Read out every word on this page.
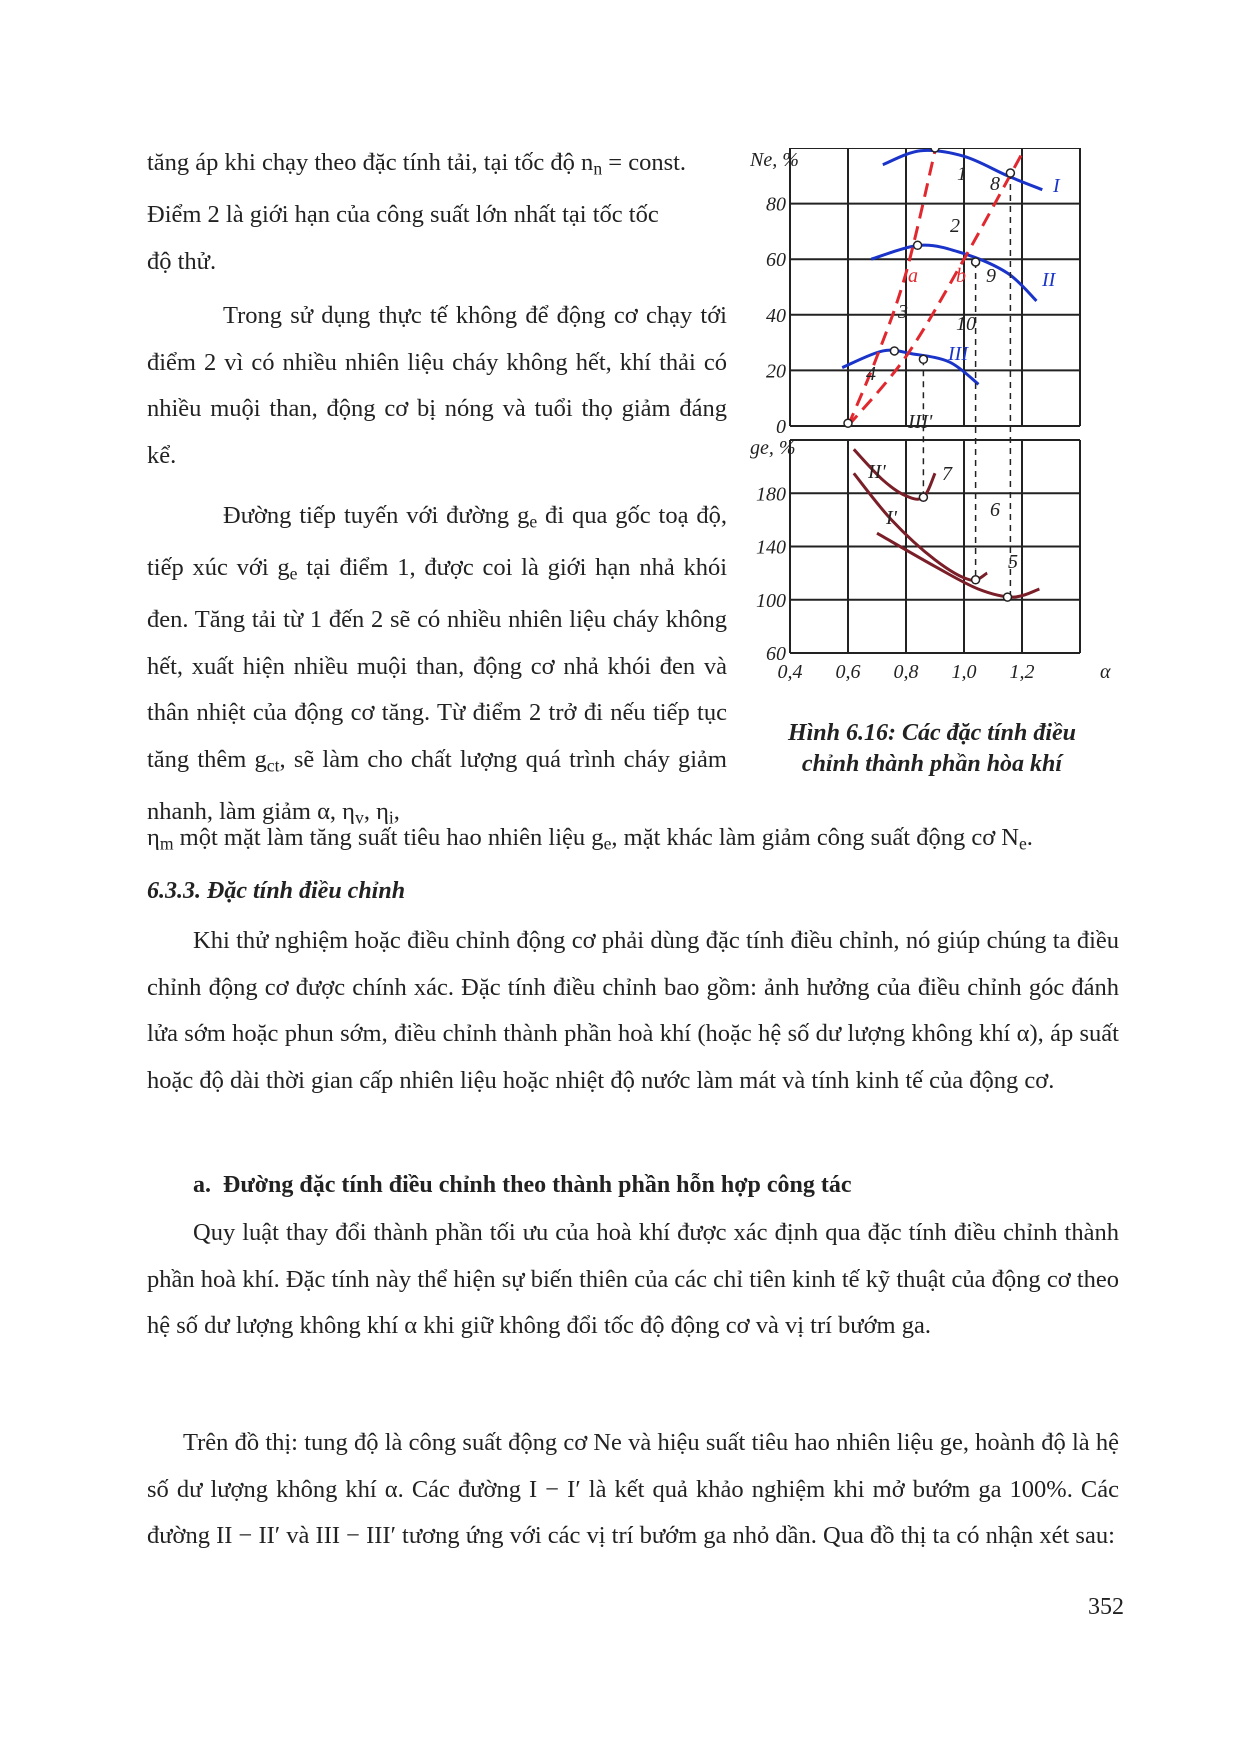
tăng áp khi chạy theo đặc tính tải, tại tốc độ $n_n$ = const.
Điểm 2 là giới hạn của công suất lớn nhất tại tốc tốc
độ thử.

Trong sử dụng thực tế không để động cơ chạy tới điểm 2 vì có nhiều nhiên liệu cháy không hết, khí thải có nhiều muội than, động cơ bị nóng và tuổi thọ giảm đáng kể.

Đường tiếp tuyến với đường $g_e$ đi qua gốc toạ độ, tiếp xúc với $g_e$ tại điểm 1, được coi là giới hạn nhả khói đen. Tăng tải từ 1 đến 2 sẽ có nhiều nhiên liệu cháy không hết, xuất hiện nhiều muội than, động cơ nhả khói đen và thân nhiệt của động cơ tăng. Từ điểm 2 trở đi nếu tiếp tục tăng thêm $g_{ct}$, sẽ làm cho chất lượng quá trình cháy giảm nhanh, làm giảm α, $\eta_v$, $\eta_i$,

$\eta_m$ một mặt làm tăng suất tiêu hao nhiên liệu $g_e$, mặt khác làm giảm công suất động cơ $N_e$.
6.3.3. Đặc tính điều chỉnh

Khi thử nghiệm hoặc điều chỉnh động cơ phải dùng đặc tính điều chỉnh, nó giúp chúng ta điều chỉnh động cơ được chính xác. Đặc tính điều chỉnh bao gồm: ảnh hưởng của điều chỉnh góc đánh lửa sớm hoặc phun sớm, điều chỉnh thành phần hoà khí (hoặc hệ số dư lượng không khí α), áp suất hoặc độ dài thời gian cấp nhiên liệu hoặc nhiệt độ nước làm mát và tính kinh tế của động cơ.

a.  Đường đặc tính điều chỉnh theo thành phần hỗn hợp công tác

Quy luật thay đổi thành phần tối ưu của hoà khí được xác định qua đặc tính điều chỉnh thành phần hoà khí. Đặc tính này thể hiện sự biến thiên của các chỉ tiên kinh tế kỹ thuật của động cơ theo hệ số dư lượng không khí α khi giữ không đổi tốc độ động cơ và vị trí bướm ga.

Trên đồ thị: tung độ là công suất động cơ Ne và hiệu suất tiêu hao nhiên liệu ge, hoành độ là hệ số dư lượng không khí α. Các đường I − I′ là kết quả khảo nghiệm khi mở bướm ga 100%. Các đường II − II′ và III − III′ tương ứng với các vị trí bướm ga nhỏ dần. Qua đồ thị ta có nhận xét sau:

352
Ne, %
ge, %
0
20
40
60
80
60
100
140
180
0,4 0,6 0,8 1,0 1,2	α
I
II
III
a b
1
2
3
4
8
9
10
III'
II'
I'
5
6
7
Hình 6.16: Các đặc tính điều
chỉnh thành phần hòa khí
